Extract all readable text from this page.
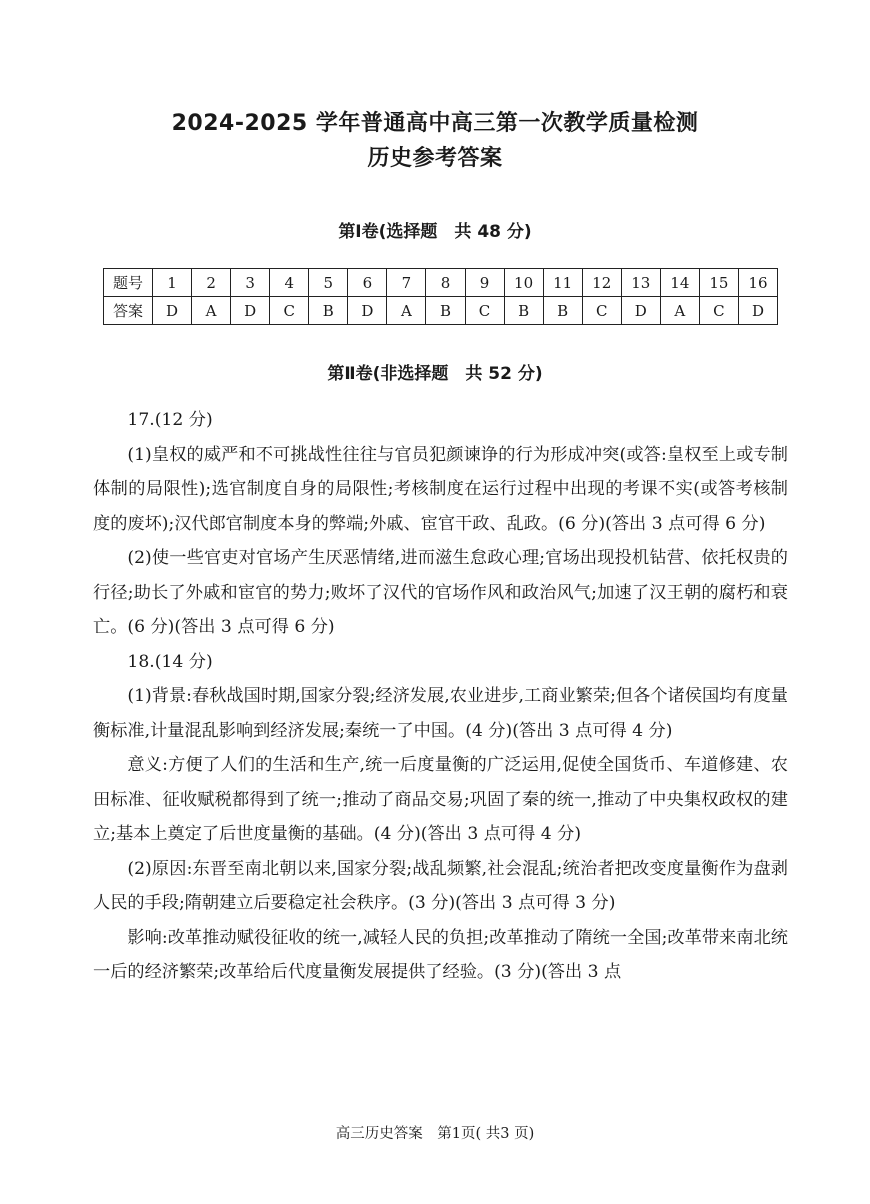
2024-2025 学年普通高中高三第一次教学质量检测
历史参考答案
第Ⅰ卷(选择题　共 48 分)
题号	1	2	3	4	5	6	7	8	9	10	11	12	13	14	15	16
答案	D	A	D	C	B	D	A	B	C	B	B	C	D	A	C	D
第Ⅱ卷(非选择题　共 52 分)

17.(12 分)

(1)皇权的威严和不可挑战性往往与官员犯颜谏诤的行为形成冲突(或答:皇权至上或专制体制的局限性);选官制度自身的局限性;考核制度在运行过程中出现的考课不实(或答考核制度的废坏);汉代郎官制度本身的弊端;外戚、宦官干政、乱政。(6 分)(答出 3 点可得 6 分)

(2)使一些官吏对官场产生厌恶情绪,进而滋生怠政心理;官场出现投机钻营、依托权贵的行径;助长了外戚和宦官的势力;败坏了汉代的官场作风和政治风气;加速了汉王朝的腐朽和衰亡。(6 分)(答出 3 点可得 6 分)

18.(14 分)

(1)背景:春秋战国时期,国家分裂;经济发展,农业进步,工商业繁荣;但各个诸侯国均有度量衡标准,计量混乱影响到经济发展;秦统一了中国。(4 分)(答出 3 点可得 4 分)

意义:方便了人们的生活和生产,统一后度量衡的广泛运用,促使全国货币、车道修建、农田标准、征收赋税都得到了统一;推动了商品交易;巩固了秦的统一,推动了中央集权政权的建立;基本上奠定了后世度量衡的基础。(4 分)(答出 3 点可得 4 分)

(2)原因:东晋至南北朝以来,国家分裂;战乱频繁,社会混乱;统治者把改变度量衡作为盘剥人民的手段;隋朝建立后要稳定社会秩序。(3 分)(答出 3 点可得 3 分)

影响:改革推动赋役征收的统一,减轻人民的负担;改革推动了隋统一全国;改革带来南北统一后的经济繁荣;改革给后代度量衡发展提供了经验。(3 分)(答出 3 点

高三历史答案　第1页( 共3 页)
